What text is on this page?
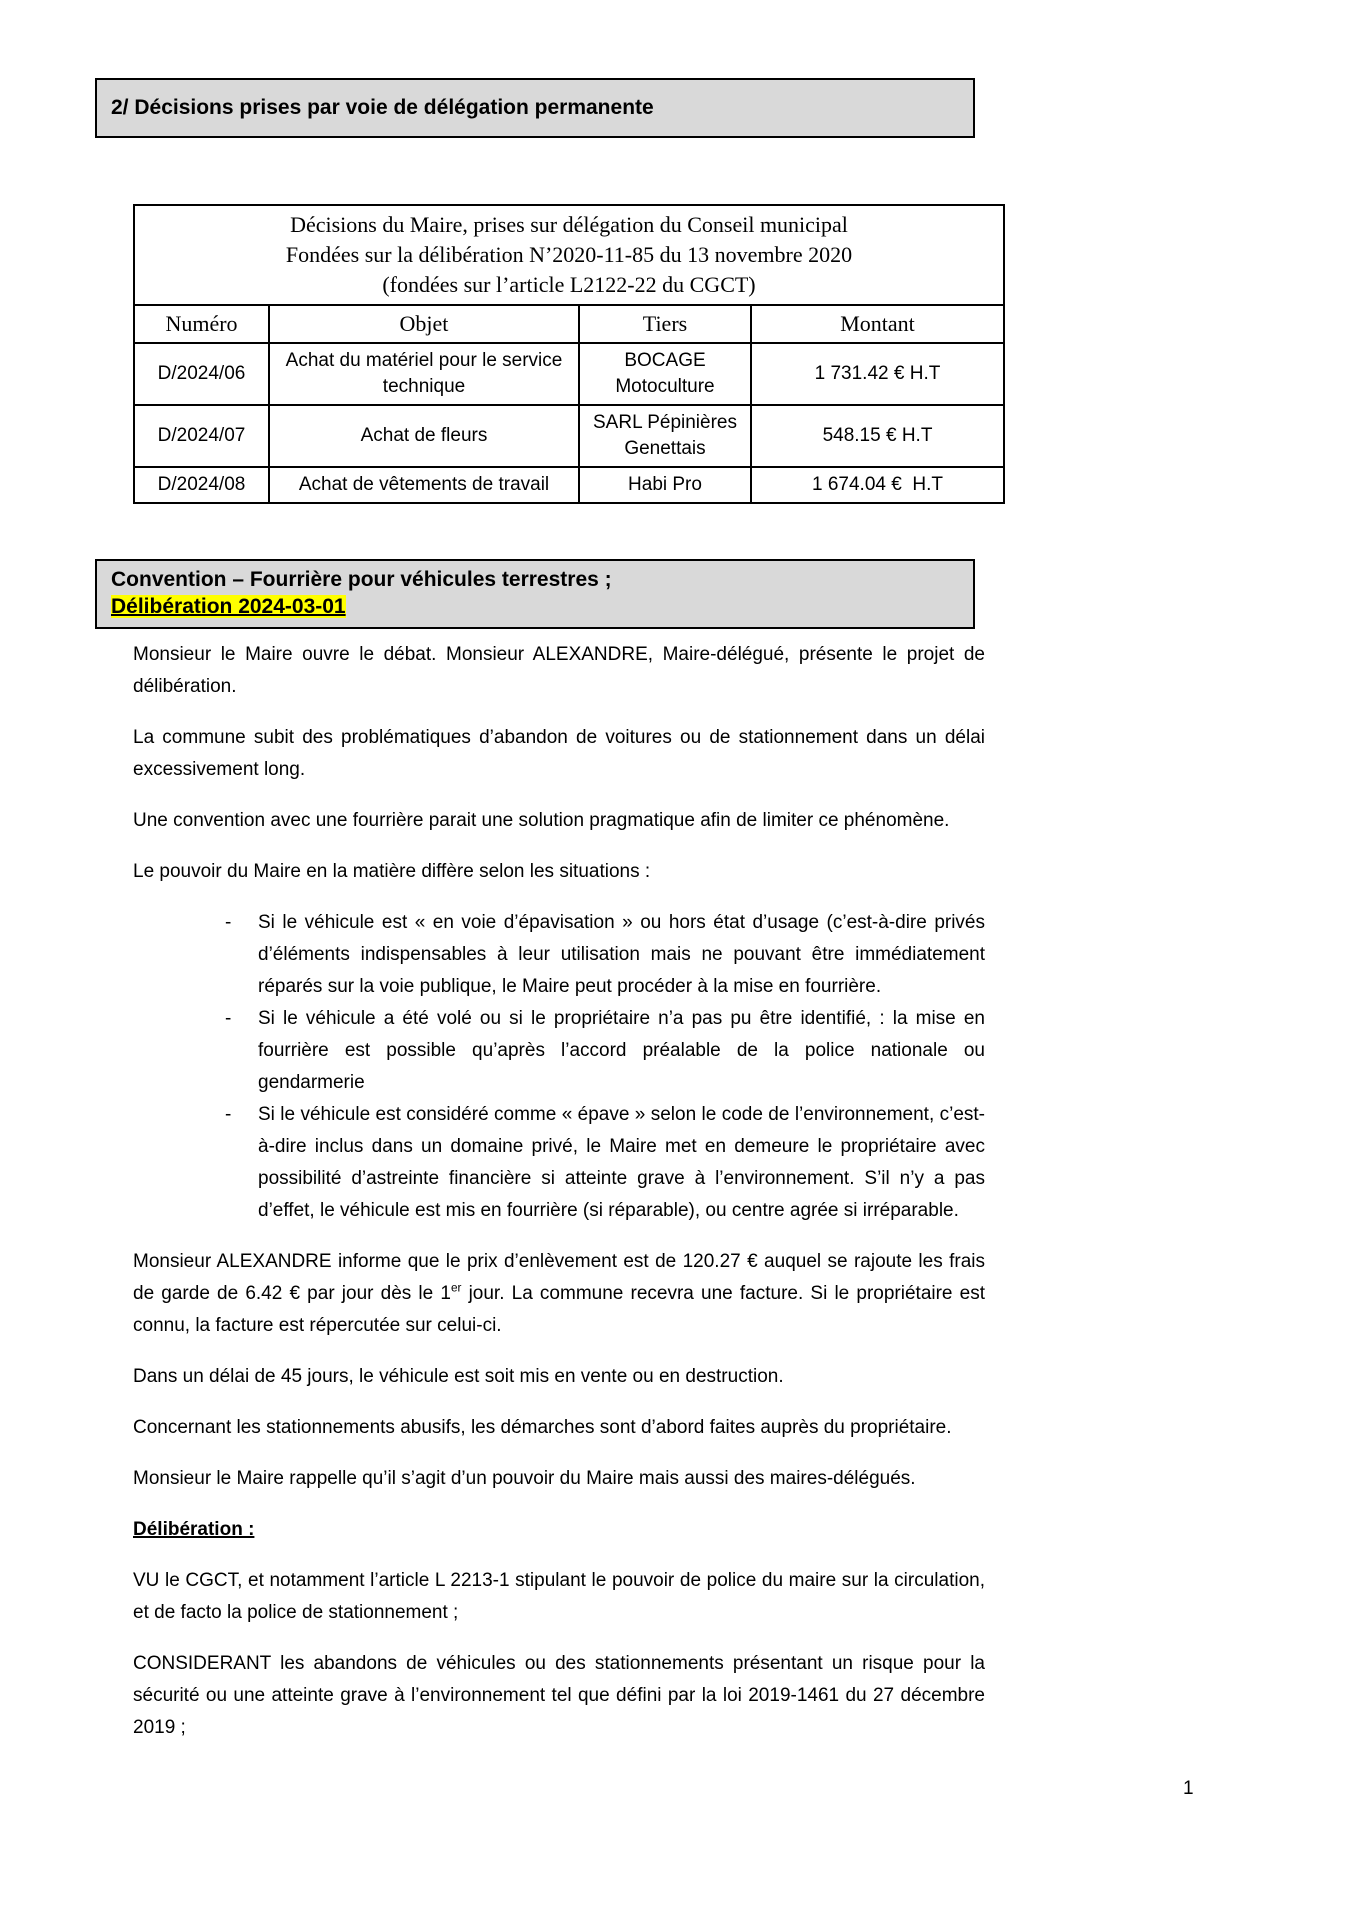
2/ Décisions prises par voie de délégation permanente
Décisions du Maire, prises sur délégation du Conseil municipal
Fondées sur la délibération N’2020-11-85 du 13 novembre 2020
(fondées sur l’article L2122-22 du CGCT)			

Numéro	Objet	Tiers	Montant
D/2024/06	Achat du matériel pour le service technique	BOCAGE Motoculture	1 731.42 € H.T
D/2024/07	Achat de fleurs	SARL Pépinières Genettais	548.15 € H.T
D/2024/08	Achat de vêtements de travail	Habi Pro	1 674.04 €  H.T
Convention – Fourrière pour véhicules terrestres ;
Délibération 2024-03-01

Monsieur le Maire ouvre le débat. Monsieur ALEXANDRE, Maire-délégué, présente le projet de délibération.

La commune subit des problématiques d’abandon de voitures ou de stationnement dans un délai excessivement long.

Une convention avec une fourrière parait une solution pragmatique afin de limiter ce phénomène.

Le pouvoir du Maire en la matière diffère selon les situations :

-	Si le véhicule est « en voie d’épavisation » ou hors état d’usage (c’est-à-dire privés d’éléments indispensables à leur utilisation mais ne pouvant être immédiatement réparés sur la voie publique, le Maire peut procéder à la mise en fourrière.
-	Si le véhicule a été volé ou si le propriétaire n’a pas pu être identifié, : la mise en fourrière est possible qu’après l’accord préalable de la police nationale ou gendarmerie
-	Si le véhicule est considéré comme « épave » selon le code de l’environnement, c’est-à-dire inclus dans un domaine privé, le Maire met en demeure le propriétaire avec possibilité d’astreinte financière si atteinte grave à l’environnement. S’il n’y a pas d’effet, le véhicule est mis en fourrière (si réparable), ou centre agrée si irréparable.

Monsieur ALEXANDRE informe que le prix d’enlèvement est de 120.27 € auquel se rajoute les frais de garde de 6.42 € par jour dès le 1er jour. La commune recevra une facture. Si le propriétaire est connu, la facture est répercutée sur celui-ci.

Dans un délai de 45 jours, le véhicule est soit mis en vente ou en destruction.

Concernant les stationnements abusifs, les démarches sont d’abord faites auprès du propriétaire.

Monsieur le Maire rappelle qu’il s’agit d’un pouvoir du Maire mais aussi des maires-délégués.

Délibération :

VU le CGCT, et notamment l’article L 2213-1 stipulant le pouvoir de police du maire sur la circulation, et de facto la police de stationnement ;

CONSIDERANT les abandons de véhicules ou des stationnements présentant un risque pour la sécurité ou une atteinte grave à l’environnement tel que défini par la loi 2019-1461 du 27 décembre 2019 ;

1
